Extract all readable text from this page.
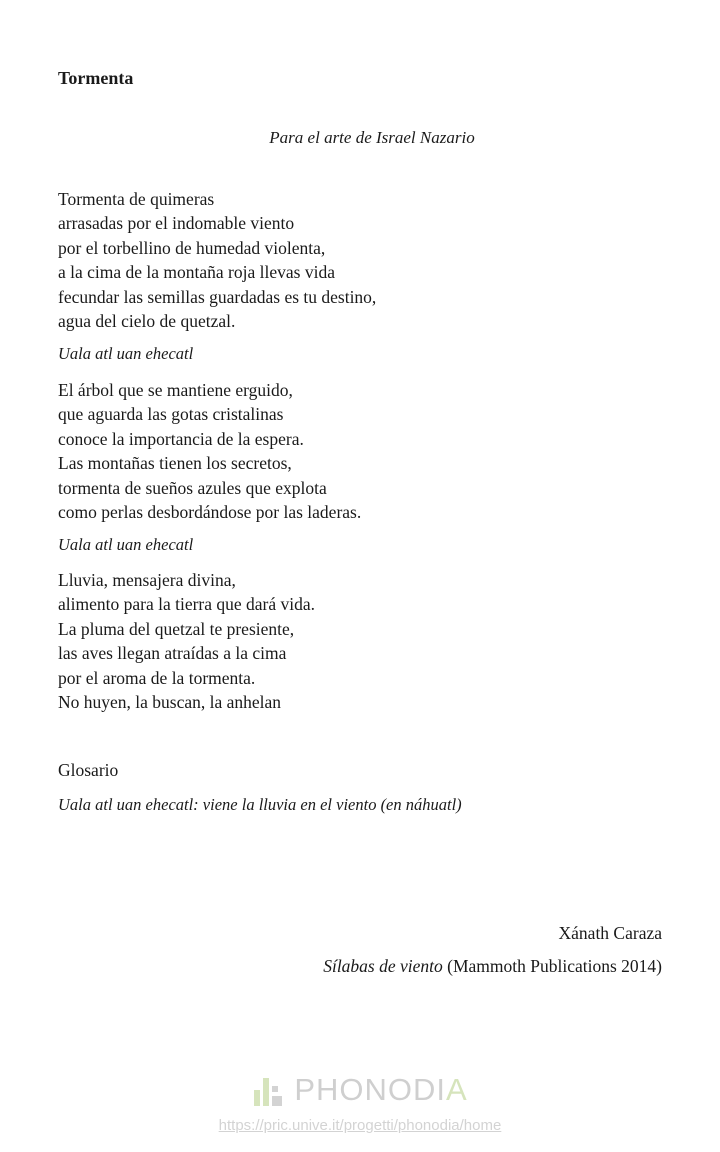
Tormenta

Para el arte de Israel Nazario

Tormenta de quimeras
arrasadas por el indomable viento
por el torbellino de humedad violenta,
a la cima de la montaña roja llevas vida
fecundar las semillas guardadas es tu destino,
agua del cielo de quetzal.

Uala atl uan ehecatl

El árbol que se mantiene erguido,
que aguarda las gotas cristalinas
conoce la importancia de la espera.
Las montañas tienen los secretos,
tormenta de sueños azules que explota
como perlas desbordándose por las laderas.

Uala atl uan ehecatl

Lluvia, mensajera divina,
alimento para la tierra que dará vida.
La pluma del quetzal te presiente,
las aves llegan atraídas a la cima
por el aroma de la tormenta.
No huyen, la buscan, la anhelan

Glosario

Uala atl uan ehecatl: viene la lluvia en el viento (en náhuatl)

Xánath Caraza

Sílabas de viento (Mammoth Publications 2014)

PHONODIA
https://pric.unive.it/progetti/phonodia/home
